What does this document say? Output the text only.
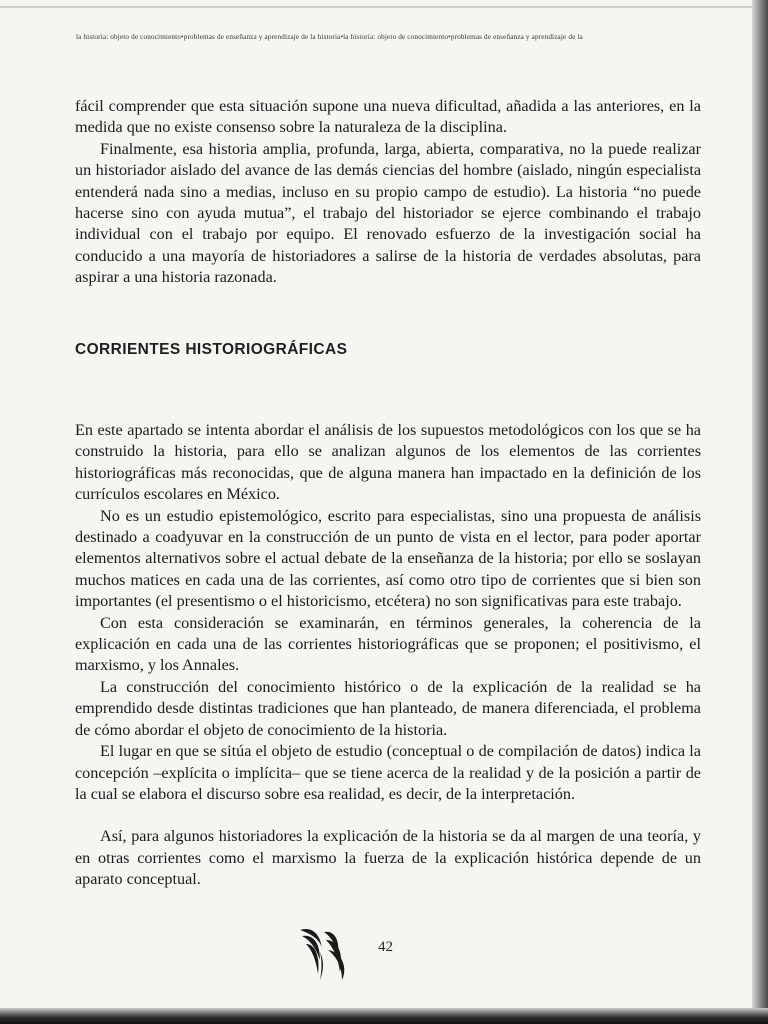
la historia: objeto de conocimiento•problemas de enseñanza y aprendizaje de la historia•la historia: objeto de conocimiento•problemas de enseñanza y aprendizaje de la

fácil comprender que esta situación supone una nueva dificultad, añadida a las anteriores, en la medida que no existe consenso sobre la naturaleza de la disciplina.

Finalmente, esa historia amplia, profunda, larga, abierta, comparativa, no la puede realizar un historiador aislado del avance de las demás ciencias del hombre (aislado, ningún especialista entenderá nada sino a medias, incluso en su propio campo de estudio). La historia “no puede hacerse sino con ayuda mutua”, el trabajo del historiador se ejerce combinando el trabajo individual con el trabajo por equipo. El renovado esfuerzo de la investigación social ha conducido a una mayoría de historiadores a salirse de la historia de verdades absolutas, para aspirar a una historia razonada.

CORRIENTES HISTORIOGRÁFICAS

En este apartado se intenta abordar el análisis de los supuestos metodológicos con los que se ha construido la historia, para ello se analizan algunos de los elementos de las corrientes historiográficas más reconocidas, que de alguna manera han impactado en la definición de los currículos escolares en México.

No es un estudio epistemológico, escrito para especialistas, sino una propuesta de análisis destinado a coadyuvar en la construcción de un punto de vista en el lector, para poder aportar elementos alternativos sobre el actual debate de la enseñanza de la historia; por ello se soslayan muchos matices en cada una de las corrientes, así como otro tipo de corrientes que si bien son importantes (el presentismo o el historicismo, etcétera) no son significativas para este trabajo.

Con esta consideración se examinarán, en términos generales, la coherencia de la explicación en cada una de las corrientes historiográficas que se proponen; el positivismo, el marxismo, y los Annales.

La construcción del conocimiento histórico o de la explicación de la realidad se ha emprendido desde distintas tradiciones que han planteado, de manera diferenciada, el problema de cómo abordar el objeto de conocimiento de la historia.

El lugar en que se sitúa el objeto de estudio (conceptual o de compilación de datos) indica la concepción –explícita o implícita– que se tiene acerca de la realidad y de la posición a partir de la cual se elabora el discurso sobre esa realidad, es decir, de la interpretación.

Así, para algunos historiadores la explicación de la historia se da al margen de una teoría, y en otras corrientes como el marxismo la fuerza de la explicación histórica depende de un aparato conceptual.

42
